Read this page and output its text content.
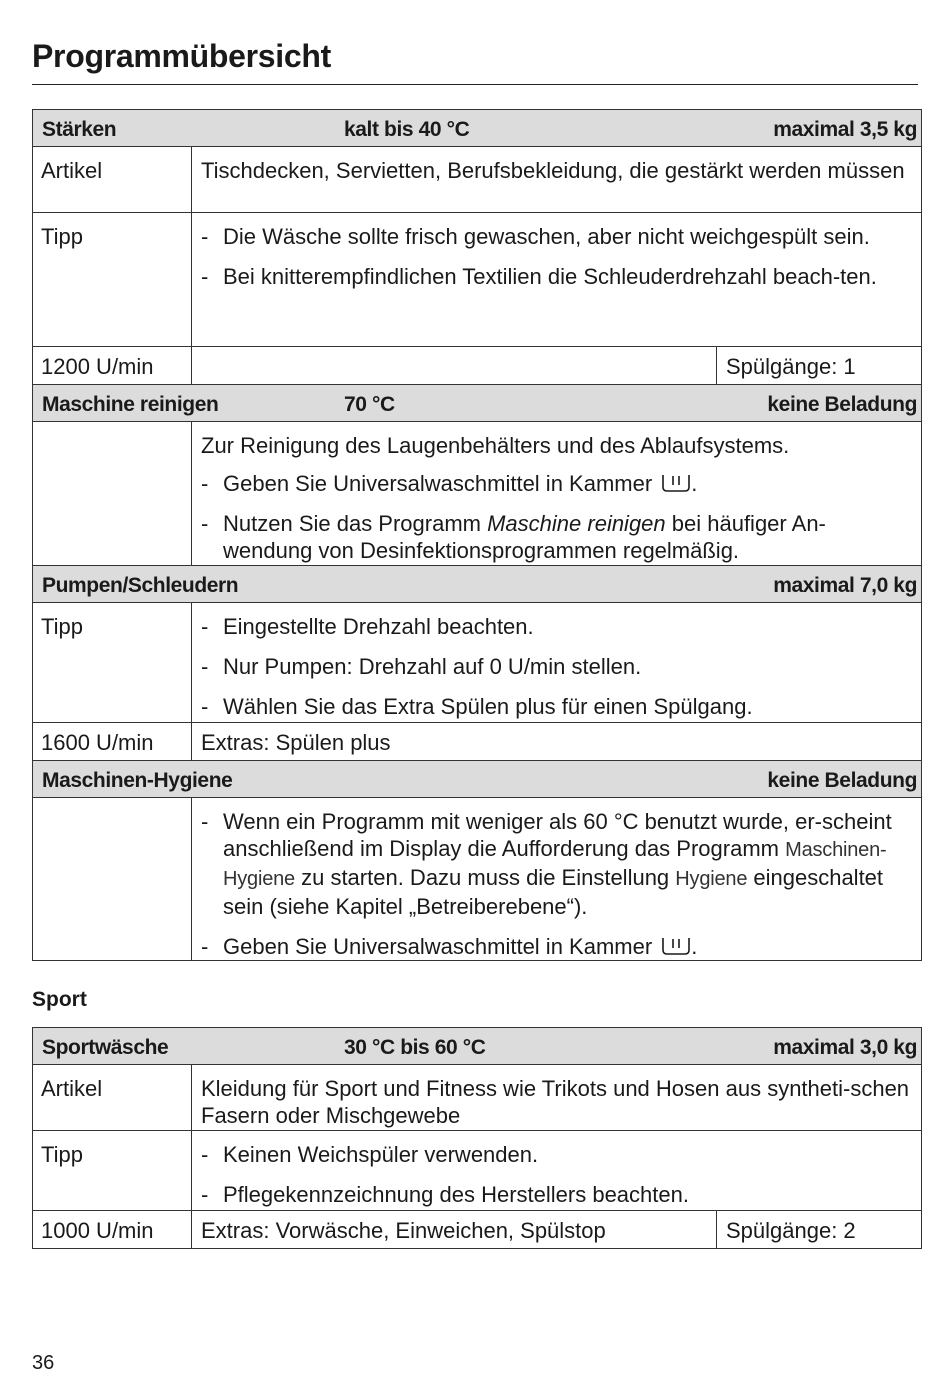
Programmübersicht
Stärken kalt bis 40 °C maximal 3,5 kg		

Artikel	Tischdecken, Servietten, Berufsbekleidung, die gestärkt werden müssen	
Tipp	- Die Wäsche sollte frisch gewaschen, aber nicht weichgespült sein.
- Bei knitterempfindlichen Textilien die Schleuderdrehzahl beach-ten.

1200 U/min		Spülgänge: 1

Maschine reinigen 70 °C keine Beladung		

	Zur Reinigung des Laugenbehälters und des Ablaufsystems.
- Geben Sie Universalwaschmittel in Kammer .
- Nutzen Sie das Programm Maschine reinigen bei häufiger An-wendung von Desinfektionsprogrammen regelmäßig.

Pumpen/Schleudern maximal 7,0 kg		

Tipp	- Eingestellte Drehzahl beachten.
- Nur Pumpen: Drehzahl auf 0 U/min stellen.
- Wählen Sie das Extra Spülen plus für einen Spülgang.

1600 U/min	Extras: Spülen plus	

Maschinen-Hygiene keine Beladung		

	- Wenn ein Programm mit weniger als 60 °C benutzt wurde, er-scheint anschließend im Display die Aufforderung das Programm Maschinen-Hygiene zu starten. Dazu muss die Einstellung Hygiene eingeschaltet sein (siehe Kapitel „Betreiberebene“).
- Geben Sie Universalwaschmittel in Kammer .
Sport
Sportwäsche 30 °C bis 60 °C maximal 3,0 kg		

Artikel	Kleidung für Sport und Fitness wie Trikots und Hosen aus syntheti-schen Fasern oder Mischgewebe	
Tipp	- Keinen Weichspüler verwenden.
- Pflegekennzeichnung des Herstellers beachten.

1000 U/min	Extras: Vorwäsche, Einweichen, Spülstop	Spülgänge: 2
36
